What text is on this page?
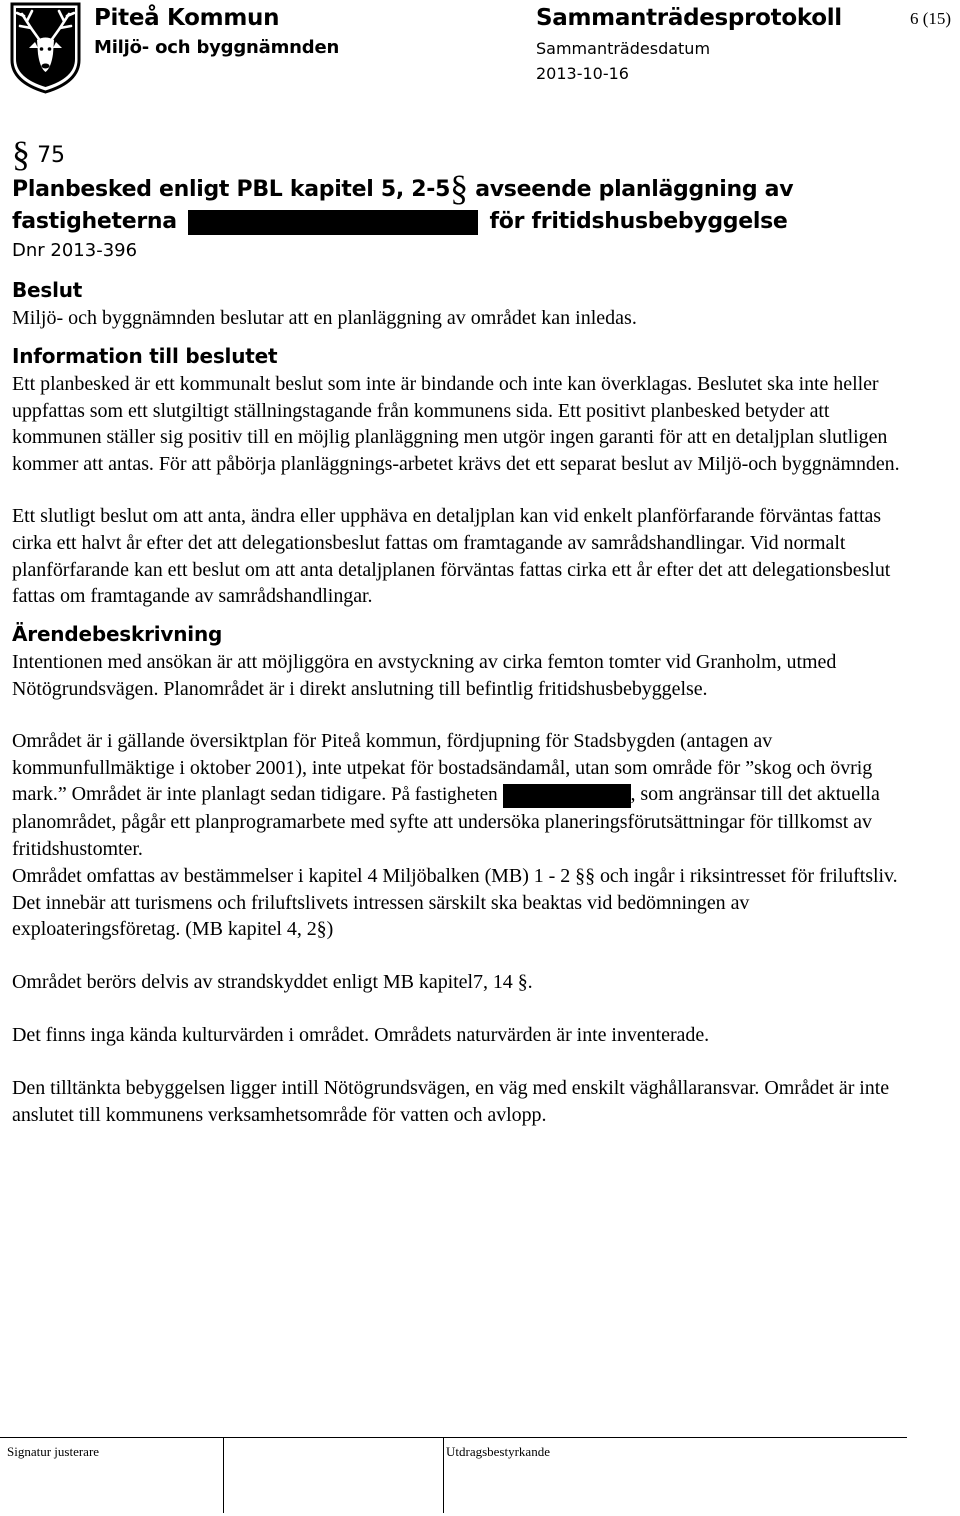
Piteå Kommun
Miljö- och byggnämnden
Sammanträdesprotokoll
Sammanträdesdatum
2013-10-16
6 (15)
§ 75
Planbesked enligt PBL kapitel 5, 2-5§ avseende planläggning av
fastigheterna	för fritidshusbebyggelse
Dnr 2013-396
Beslut

Miljö- och byggnämnden beslutar att en planläggning av området kan inledas.

Information till beslutet

Ett planbesked är ett kommunalt beslut som inte är bindande och inte kan överklagas. Beslutet ska inte heller uppfattas som ett slutgiltigt ställningstagande från kommunens sida. Ett positivt planbesked betyder att kommunen ställer sig positiv till en möjlig planläggning men utgör ingen garanti för att en detaljplan slutligen kommer att antas. För att påbörja planläggnings-arbetet krävs det ett separat beslut av Miljö-och byggnämnden.

Ett slutligt beslut om att anta, ändra eller upphäva en detaljplan kan vid enkelt planförfarande förväntas fattas cirka ett halvt år efter det att delegationsbeslut fattas om framtagande av samrådshandlingar. Vid normalt planförfarande kan ett beslut om att anta detaljplanen förväntas fattas cirka ett år efter det att delegationsbeslut fattas om framtagande av samrådshandlingar.

Ärendebeskrivning

Intentionen med ansökan är att möjliggöra en avstyckning av cirka femton tomter vid Granholm, utmed Nötögrundsvägen. Planområdet är i direkt anslutning till befintlig fritidshusbebyggelse.

Området är i gällande översiktplan för Piteå kommun, fördjupning för Stadsbygden (antagen av kommunfullmäktige i oktober 2001), inte utpekat för bostadsändamål, utan som område för ”skog och övrig mark.” Området är inte planlagt sedan tidigare. På fastigheten	, som angränsar till det aktuella planområdet, pågår ett planprogramarbete med syfte att undersöka planeringsförutsättningar för tillkomst av fritidshustomter.

Området omfattas av bestämmelser i kapitel 4 Miljöbalken (MB) 1 - 2 §§ och ingår i riksintresset för friluftsliv. Det innebär att turismens och friluftslivets intressen särskilt ska beaktas vid bedömningen av exploateringsföretag. (MB kapitel 4, 2§)

Området berörs delvis av strandskyddet enligt MB kapitel7, 14 §.

Det finns inga kända kulturvärden i området. Områdets naturvärden är inte inventerade.

Den tilltänkta bebyggelsen ligger intill Nötögrundsvägen, en väg med enskilt väghållaransvar. Området är inte anslutet till kommunens verksamhetsområde för vatten och avlopp.

Signatur justerare	Utdragsbestyrkande
